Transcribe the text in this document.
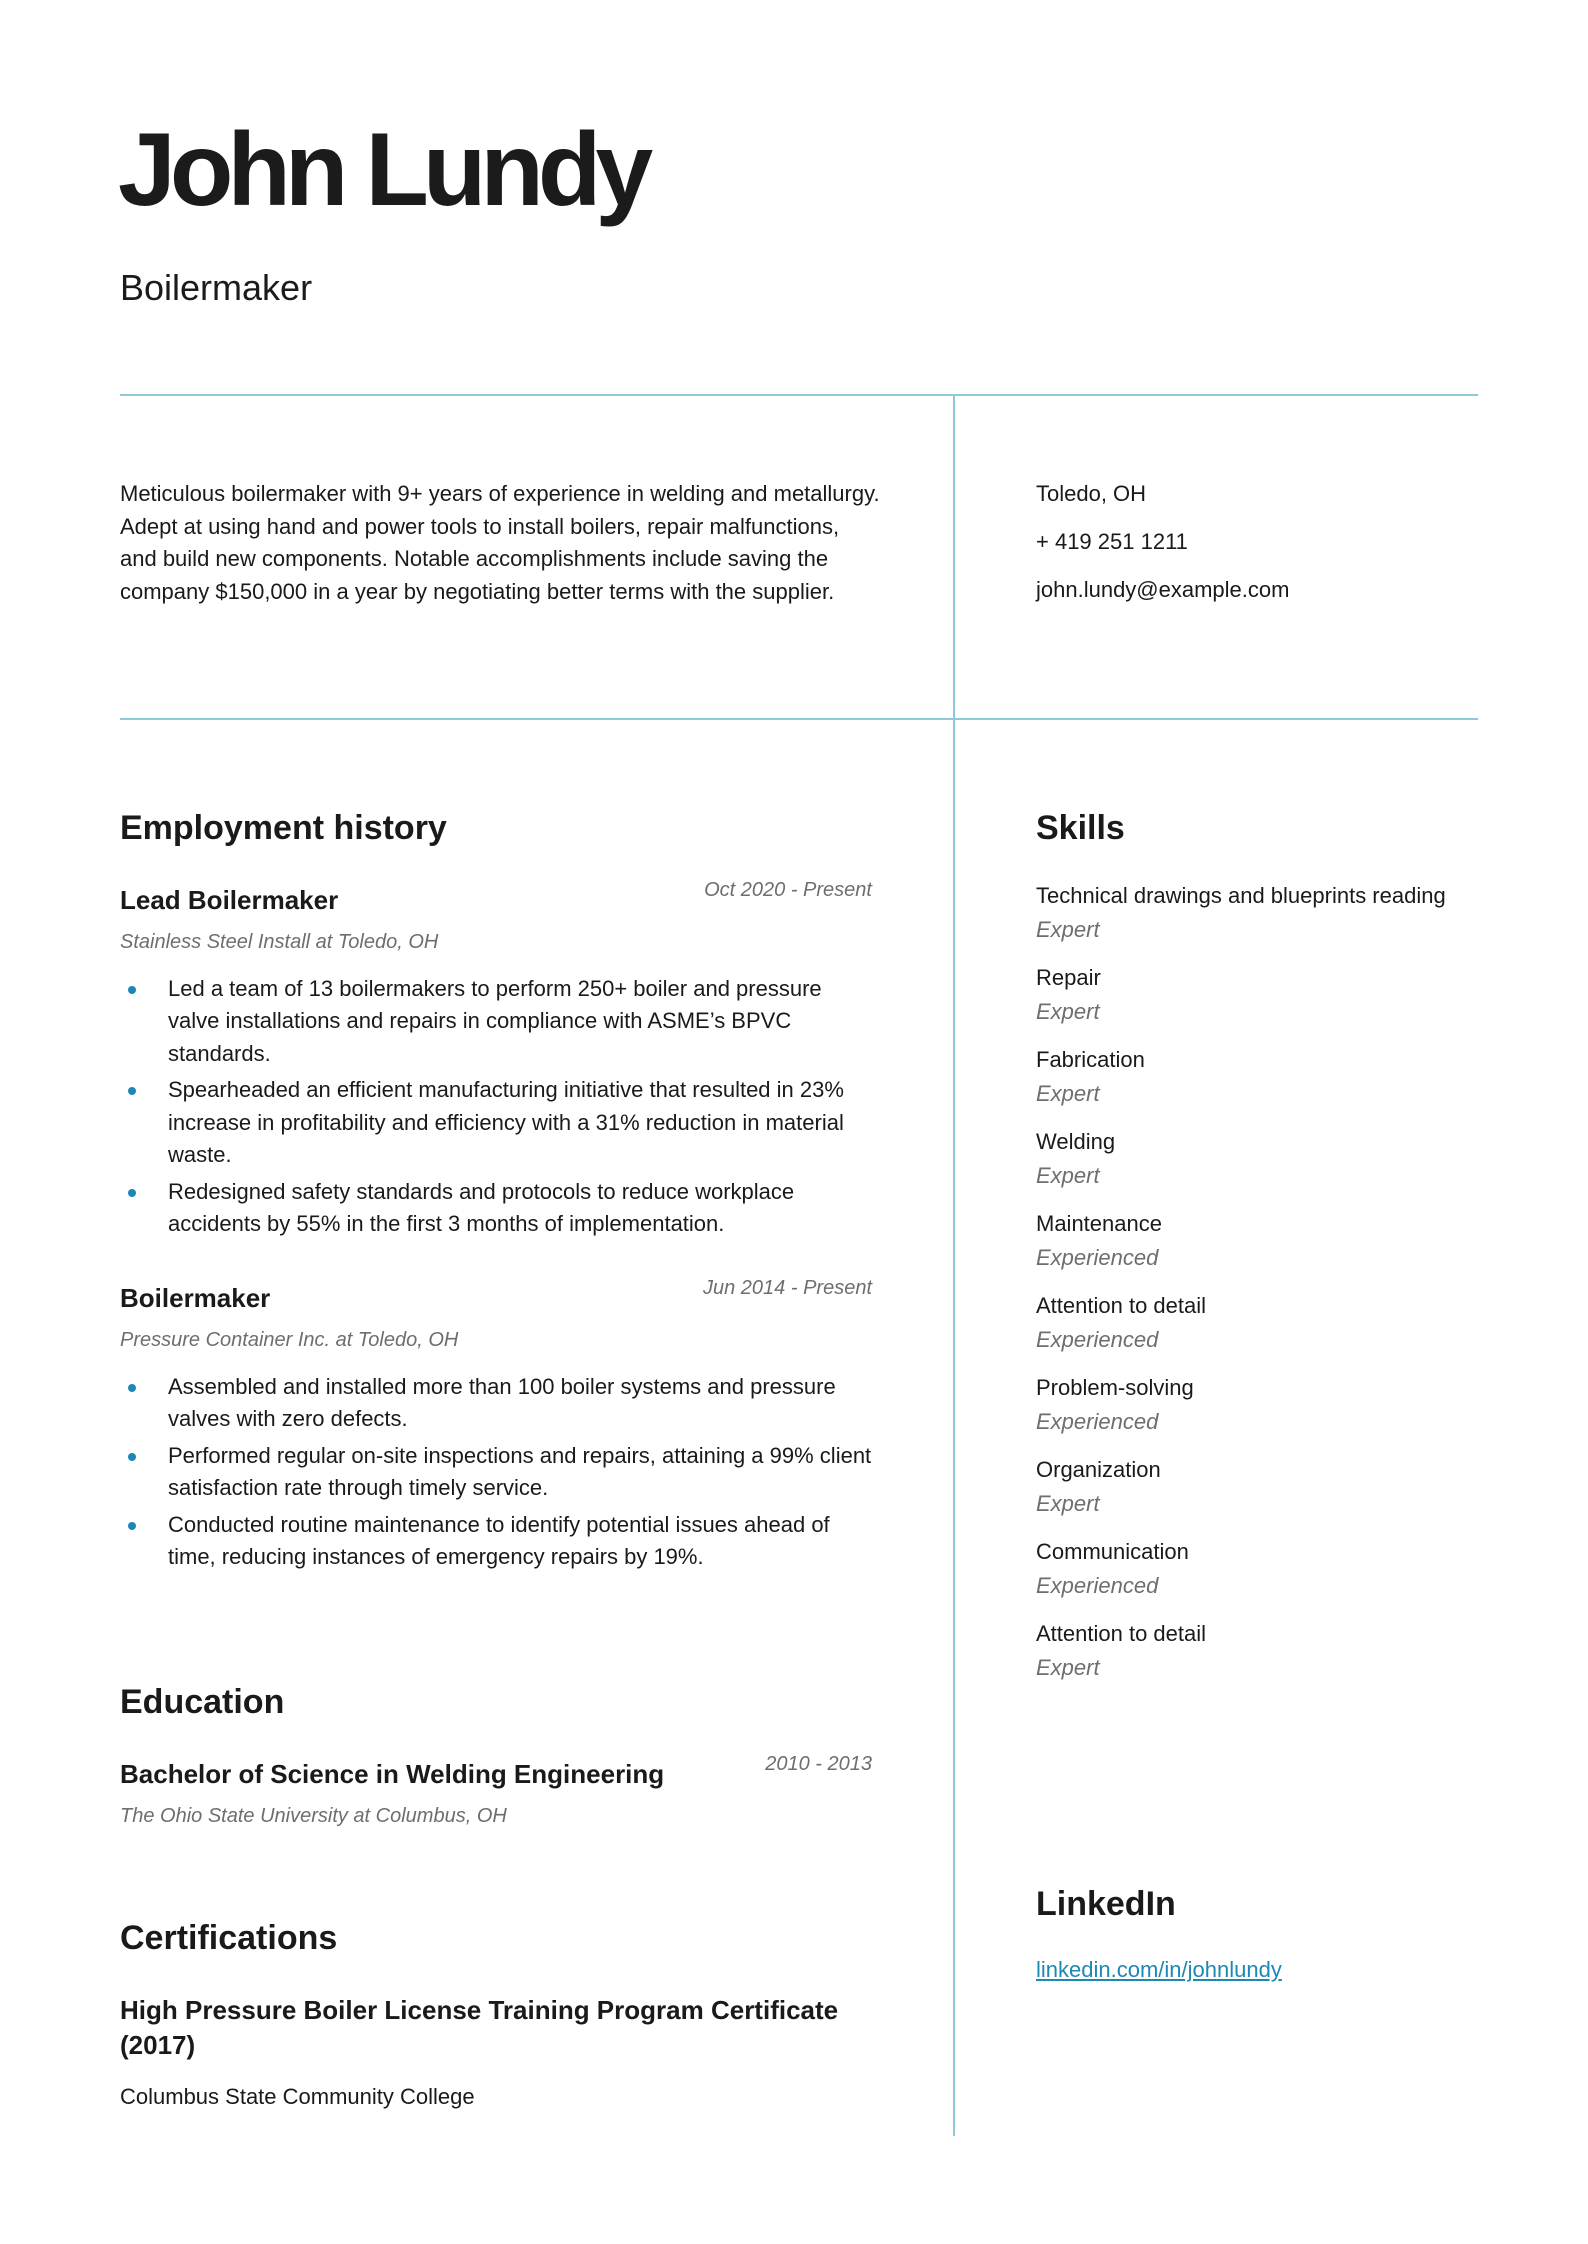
John Lundy
Boilermaker
Meticulous boilermaker with 9+ years of experience in welding and metallurgy. Adept at using hand and power tools to install boilers, repair malfunctions, and build new components. Notable accomplishments include saving the company $150,000 in a year by negotiating better terms with the supplier.
Toledo, OH
+ 419 251 1211
john.lundy@example.com
Employment history
Lead Boilermaker	Oct 2020 - Present
Stainless Steel Install at Toledo, OH
Led a team of 13 boilermakers to perform 250+ boiler and pressure valve installations and repairs in compliance with ASME’s BPVC standards.
Spearheaded an efficient manufacturing initiative that resulted in 23% increase in profitability and efficiency with a 31% reduction in material waste.
Redesigned safety standards and protocols to reduce workplace accidents by 55% in the first 3 months of implementation.
Boilermaker	Jun 2014 - Present
Pressure Container Inc. at Toledo, OH
Assembled and installed more than 100 boiler systems and pressure valves with zero defects.
Performed regular on-site inspections and repairs, attaining a 99% client satisfaction rate through timely service.
Conducted routine maintenance to identify potential issues ahead of time, reducing instances of emergency repairs by 19%.
Education
Bachelor of Science in Welding Engineering	2010 - 2013
The Ohio State University at Columbus, OH
Certifications
High Pressure Boiler License Training Program Certificate (2017)
Columbus State Community College
Skills
Technical drawings and blueprints reading
Expert
Repair
Expert
Fabrication
Expert
Welding
Expert
Maintenance
Experienced
Attention to detail
Experienced
Problem-solving
Experienced
Organization
Expert
Communication
Experienced
Attention to detail
Expert
LinkedIn
linkedin.com/in/johnlundy
